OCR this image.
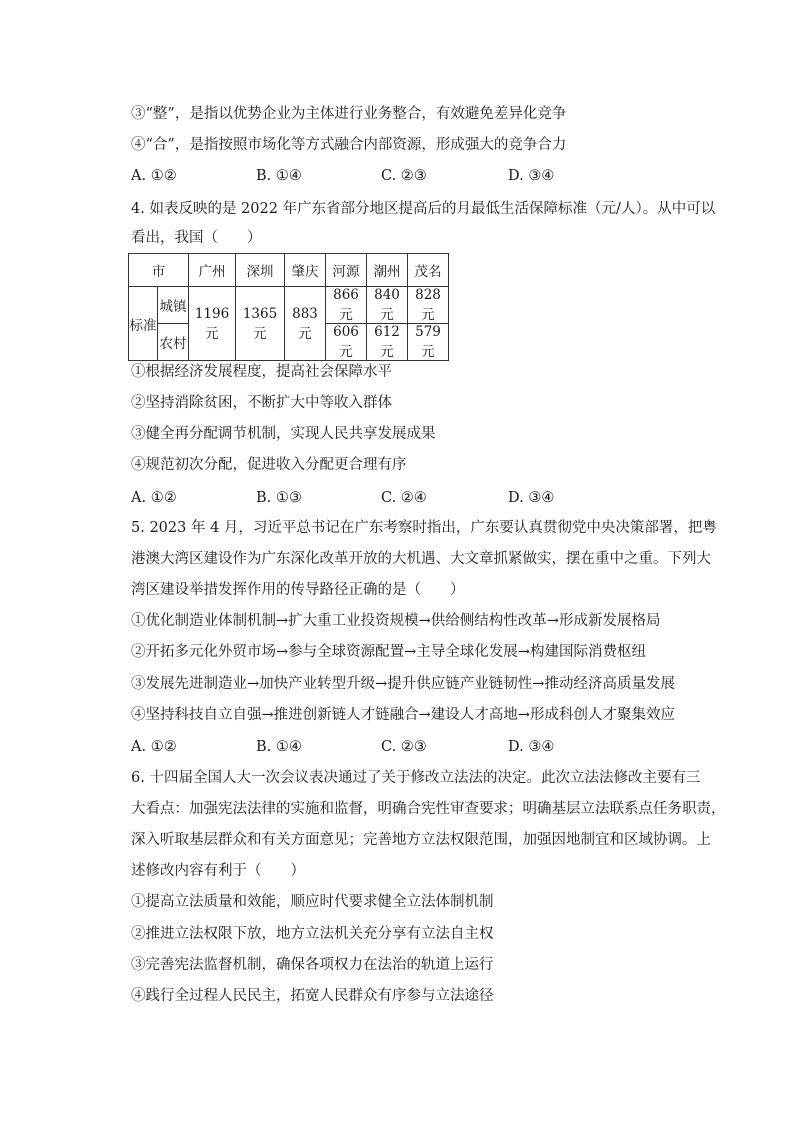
③“整”，是指以优势企业为主体进行业务整合，有效避免差异化竞争
④“合”，是指按照市场化等方式融合内部资源，形成强大的竞争合力
A. ①②	B. ①④	C. ②③	D. ③④
4. 如表反映的是 2022 年广东省部分地区提高后的月最低生活保障标准（元/人）。从中可以
看出，我国（　　）
市		广州	深圳	肇庆	河源	潮州	茂名
标准	城镇	1196 元	1365 元	883 元	866 元	840 元	828 元
	农村				606 元	612 元	579 元
①根据经济发展程度，提高社会保障水平
②坚持消除贫困，不断扩大中等收入群体
③健全再分配调节机制，实现人民共享发展成果
④规范初次分配，促进收入分配更合理有序
A. ①②	B. ①③	C. ②④	D. ③④
5. 2023 年 4 月，习近平总书记在广东考察时指出，广东要认真贯彻党中央决策部署，把粤
港澳大湾区建设作为广东深化改革开放的大机遇、大文章抓紧做实，摆在重中之重。下列大
湾区建设举措发挥作用的传导路径正确的是（　　）
①优化制造业体制机制→扩大重工业投资规模→供给侧结构性改革→形成新发展格局
②开拓多元化外贸市场→参与全球资源配置→主导全球化发展→构建国际消费枢纽
③发展先进制造业→加快产业转型升级→提升供应链产业链韧性→推动经济高质量发展
④坚持科技自立自强→推进创新链人才链融合→建设人才高地→形成科创人才聚集效应
A. ①②	B. ①④	C. ②③	D. ③④
6. 十四届全国人大一次会议表决通过了关于修改立法法的决定。此次立法法修改主要有三
大看点：加强宪法法律的实施和监督，明确合宪性审查要求；明确基层立法联系点任务职责，
深入听取基层群众和有关方面意见；完善地方立法权限范围，加强因地制宜和区域协调。上
述修改内容有利于（　　）
①提高立法质量和效能，顺应时代要求健全立法体制机制
②推进立法权限下放，地方立法机关充分享有立法自主权
③完善宪法监督机制，确保各项权力在法治的轨道上运行
④践行全过程人民民主，拓宽人民群众有序参与立法途径
